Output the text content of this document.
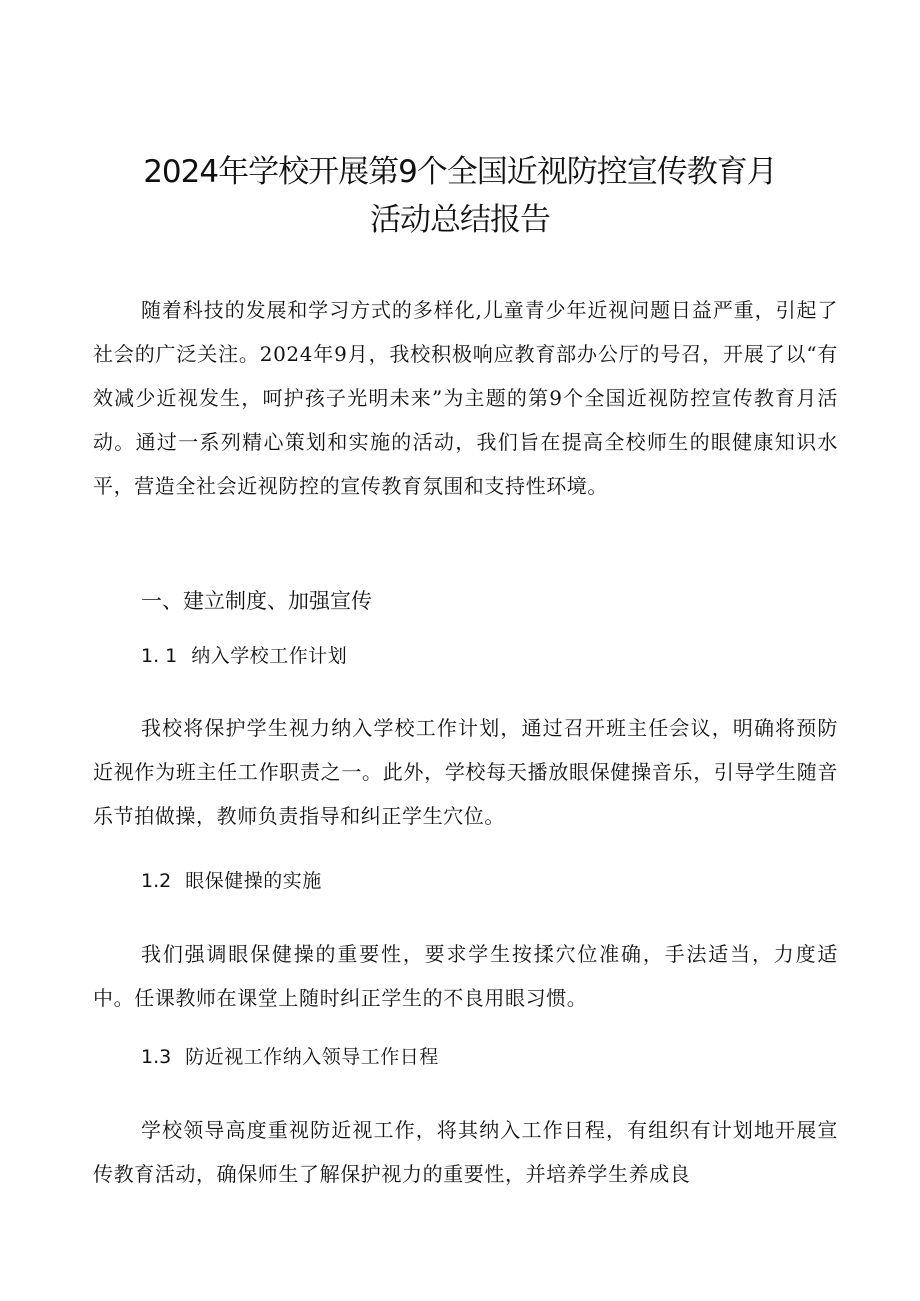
2024年学校开展第9个全国近视防控宣传教育月
活动总结报告

随着科技的发展和学习方式的多样化,儿童青少年近视问题日益严重，引起了社会的广泛关注。2024年9月，我校积极响应教育部办公厅的号召，开展了以“有效减少近视发生，呵护孩子光明未来”为主题的第9个全国近视防控宣传教育月活动。通过一系列精心策划和实施的活动，我们旨在提高全校师生的眼健康知识水平，营造全社会近视防控的宣传教育氛围和支持性环境。

一、建立制度、加强宣传
1. 1 纳入学校工作计划

我校将保护学生视力纳入学校工作计划，通过召开班主任会议，明确将预防近视作为班主任工作职责之一。此外，学校每天播放眼保健操音乐，引导学生随音乐节拍做操，教师负责指导和纠正学生穴位。

1.2 眼保健操的实施

我们强调眼保健操的重要性，要求学生按揉穴位准确，手法适当，力度适中。任课教师在课堂上随时纠正学生的不良用眼习惯。

1.3 防近视工作纳入领导工作日程

学校领导高度重视防近视工作，将其纳入工作日程，有组织有计划地开展宣传教育活动，确保师生了解保护视力的重要性，并培养学生养成良
